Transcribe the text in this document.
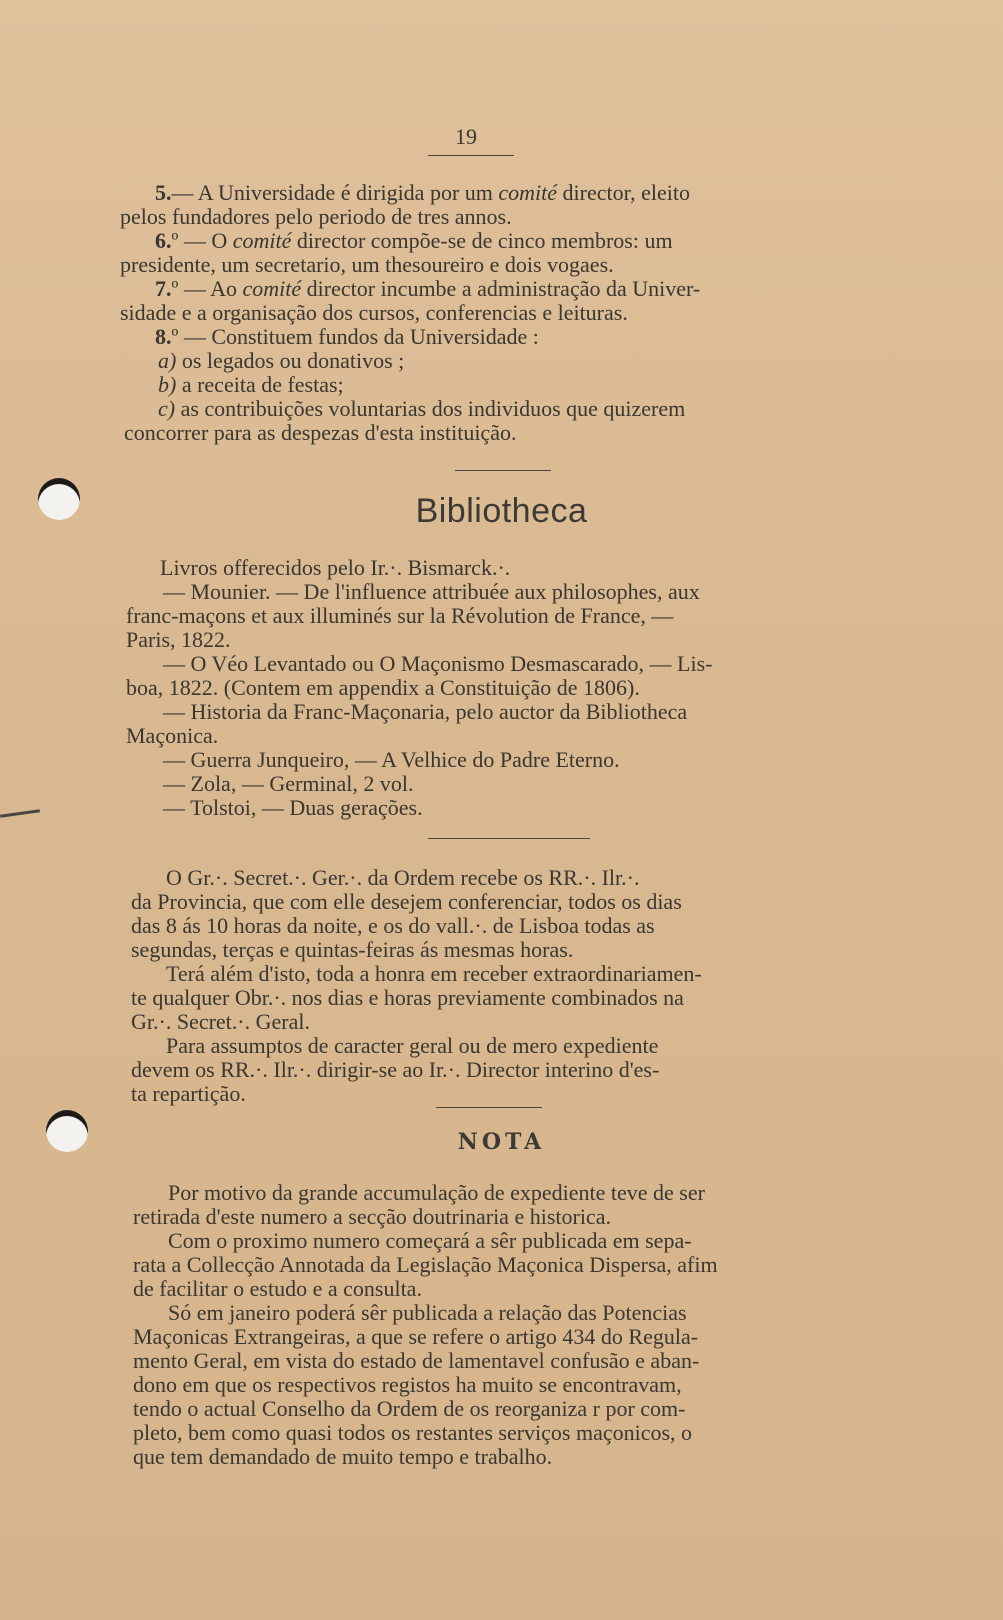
19
5.— A Universidade é dirigida por um comité director, eleito
pelos fundadores pelo periodo de tres annos.
6.º — O comité director compõe-se de cinco membros: um
presidente, um secretario, um thesoureiro e dois vogaes.
7.º — Ao comité director incumbe a administração da Univer-
sidade e a organisação dos cursos, conferencias e leituras.
8.º — Constituem fundos da Universidade :
a) os legados ou donativos ;
b) a receita de festas;
c) as contribuições voluntarias dos individuos que quizerem
concorrer para as despezas d'esta instituição.
Bibliotheca
Livros offerecidos pelo Ir.·. Bismarck.·.
— Mounier. — De l'influence attribuée aux philosophes, aux
franc-maçons et aux illuminés sur la Révolution de France, —
Paris, 1822.
— O Véo Levantado ou O Maçonismo Desmascarado, — Lis-
boa, 1822. (Contem em appendix a Constituição de 1806).
— Historia da Franc-Maçonaria, pelo auctor da Bibliotheca
Maçonica.
— Guerra Junqueiro, — A Velhice do Padre Eterno.
— Zola, — Germinal, 2 vol.
— Tolstoi, — Duas gerações.
O Gr.·. Secret.·. Ger.·. da Ordem recebe os RR.·. Ilr.·.
da Provincia, que com elle desejem conferenciar, todos os dias
das 8 ás 10 horas da noite, e os do vall.·. de Lisboa todas as
segundas, terças e quintas-feiras ás mesmas horas.
Terá além d'isto, toda a honra em receber extraordinariamen-
te qualquer Obr.·. nos dias e horas previamente combinados na
Gr.·. Secret.·. Geral.
Para assumptos de caracter geral ou de mero expediente
devem os RR.·. Ilr.·. dirigir-se ao Ir.·. Director interino d'es-
ta repartição.
NOTA
Por motivo da grande accumulação de expediente teve de ser
retirada d'este numero a secção doutrinaria e historica.
Com o proximo numero começará a sêr publicada em sepa-
rata a Collecção Annotada da Legislação Maçonica Dispersa, afim
de facilitar o estudo e a consulta.
Só em janeiro poderá sêr publicada a relação das Potencias
Maçonicas Extrangeiras, a que se refere o artigo 434 do Regula-
mento Geral, em vista do estado de lamentavel confusão e aban-
dono em que os respectivos registos ha muito se encontravam,
tendo o actual Conselho da Ordem de os reorganiza r por com-
pleto, bem como quasi todos os restantes serviços maçonicos, o
que tem demandado de muito tempo e trabalho.
